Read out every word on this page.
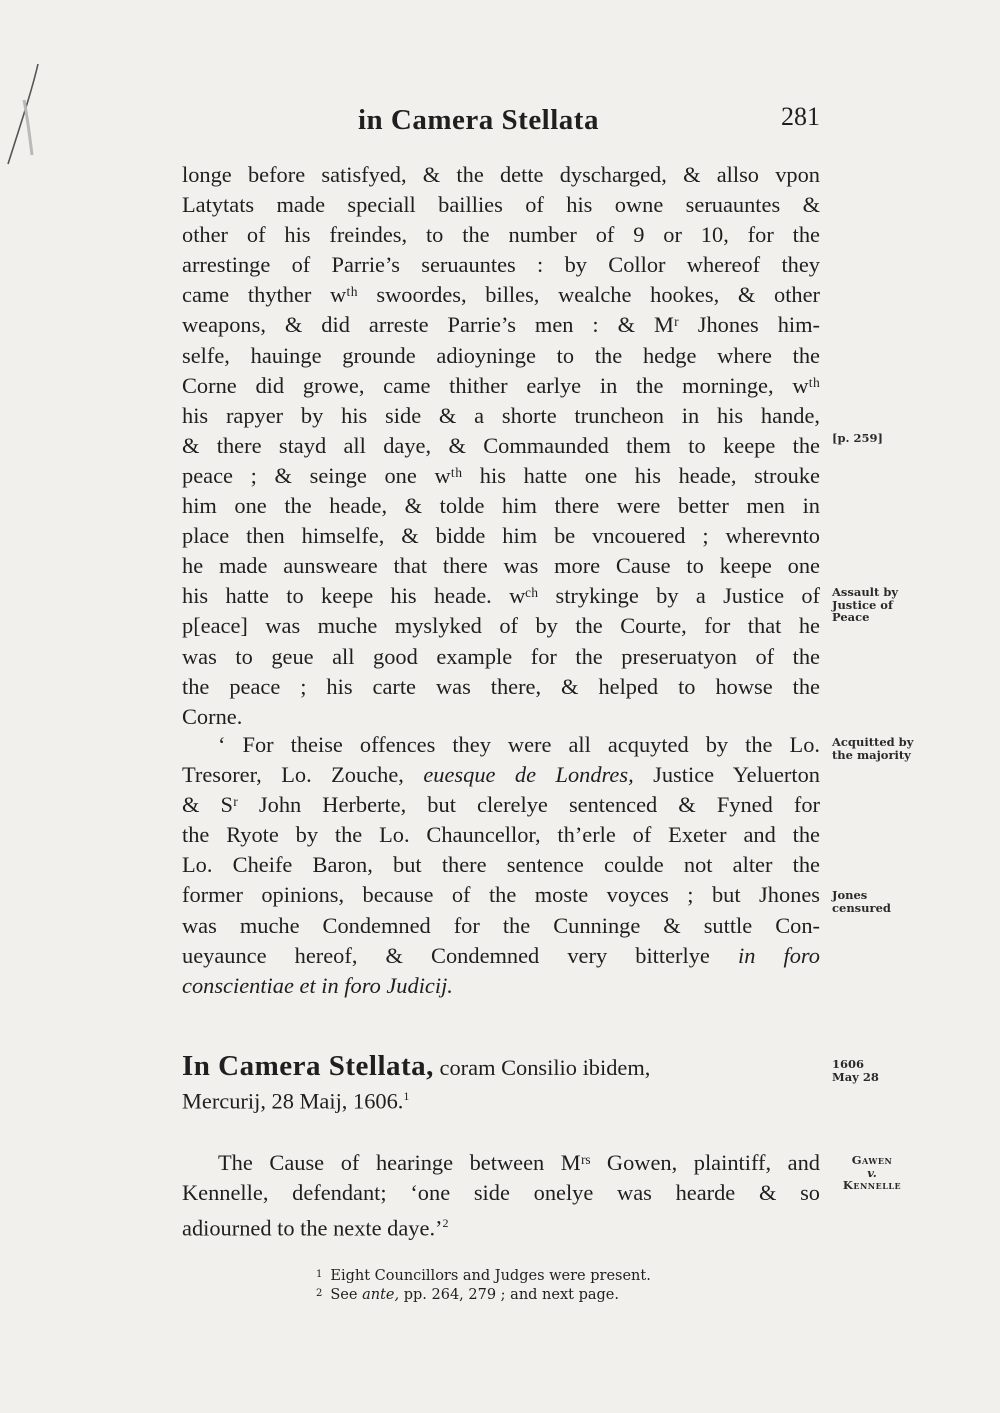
in Camera Stellata	281
longe before satisfyed, & the dette dyscharged, & allso vpon
Latytats made speciall baillies of his owne seruauntes &
other of his freindes, to the number of 9 or 10, for the
arrestinge of Parrie’s seruauntes : by Collor whereof they
came thyther wᵗʰ swoordes, billes, wealche hookes, & other
weapons, & did arreste Parrie’s men : & Mʳ Jhones him-
selfe, hauinge grounde adioyninge to the hedge where the
Corne did growe, came thither earlye in the morninge, wᵗʰ
his rapyer by his side & a shorte truncheon in his hande,
& there stayd all daye, & Commaunded them to keepe the
peace ; & seinge one wᵗʰ his hatte one his heade, strouke
him one the heade, & tolde him there were better men in
place then himselfe, & bidde him be vncouered ; wherevnto
he made aunsweare that there was more Cause to keepe one
his hatte to keepe his heade. wᶜʰ strykinge by a Justice of
p[eace] was muche myslyked of by the Courte, for that he
was to geue all good example for the preseruatyon of the
the peace ; his carte was there, & helped to howse the
Corne.
‘ For theise offences they were all acquyted by the Lo.
Tresorer, Lo. Zouche, euesque de Londres, Justice Yeluerton
& Sʳ John Herberte, but clerelye sentenced & Fyned for
the Ryote by the Lo. Chauncellor, th’erle of Exeter and the
Lo. Cheife Baron, but there sentence coulde not alter the
former opinions, because of the moste voyces ; but Jhones
was muche Condemned for the Cunninge & suttle Con-
ueyaunce hereof, & Condemned very bitterlye in foro
conscientiae et in foro Judicij.
In Camera Stellata, coram Consilio ibidem,
Mercurij, 28 Maij, 1606.$^1$
The Cause of hearinge between Mʳˢ Gowen, plaintiff, and
Kennelle, defendant; ‘one side onelye was hearde & so
adiourned to the nexte daye.’$^2$
$^1$ Eight Councillors and Judges were present.
$^2$ See ante, pp. 264, 279 ; and next page.
[p. 259]
Assault by
Justice of
Peace
Acquitted by
the majority
Jones
censured
1606
May 28
Gawen
v.
Kennelle
